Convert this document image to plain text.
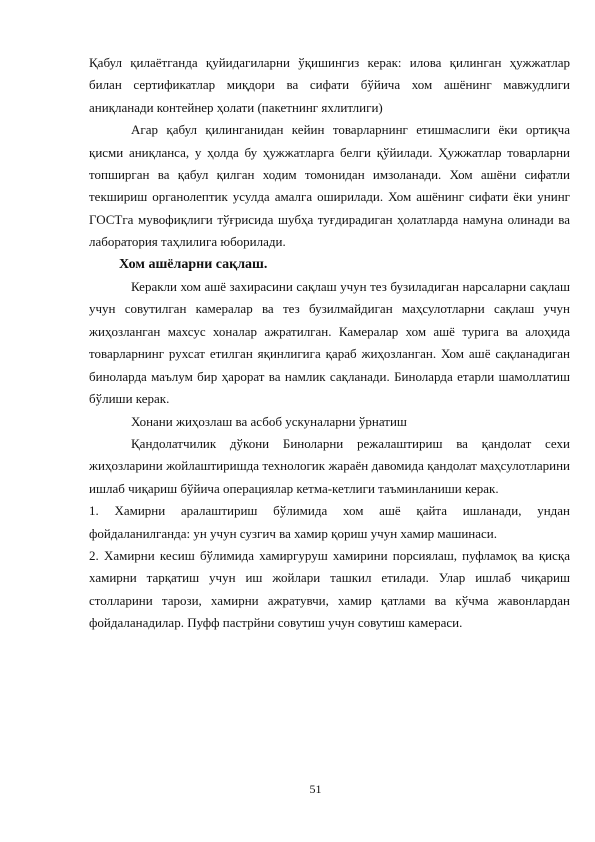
Қабул қилаётганда қуйидагиларни ўқишингиз керак: илова қилинган ҳужжатлар билан сертификатлар миқдори ва сифати бўйича хом ашёнинг мавжудлиги аниқланади контейнер ҳолати (пакетнинг яхлитлиги)

Агар қабул қилинганидан кейин товарларнинг етишмаслиги ёки ортиқча қисми аниқланса, у ҳолда бу ҳужжатларга белги қўйилади. Ҳужжатлар товарларни топширган ва қабул қилган ходим томонидан имзоланади. Хом ашёни сифатли текшириш органолептик усулда амалга оширилади. Хом ашёнинг сифати ёки унинг ГОСТга мувофиқлиги тўғрисида шубҳа туғдирадиган ҳолатларда намуна олинади ва лаборатория таҳлилига юборилади.

Хом ашёларни сақлаш.

Кеpакли хом ашё захирасини сақлаш учун тез бузиладиган нарсаларни сақлаш учун совутилган камералар ва тез бузилмайдиган маҳсулотларни сақлаш учун жиҳозланган махсус хоналар ажратилган. Камералар хом ашё турига ва алоҳида товарларнинг рухсат етилган яқинлигига қараб жиҳозланган. Хом ашё сақланадиган биноларда маълум бир ҳарорат ва намлик сақланади. Биноларда етарли шамоллатиш бўлиши керак.

Хонани жиҳозлаш ва асбоб ускуналарни ўрнатиш

Қандолатчилик дўкони Биноларни режалаштириш ва қандолат сехи жиҳозларини жойлаштиришда технологик жараён давомида қандолат маҳсулотларини ишлаб чиқариш бўйича операциялар кетма-кетлиги таъминланиши керак.

1. Хамирни аралаштириш бўлимида хом ашё қайта ишланади, ундан фойдаланилганда: ун учун сузгич ва хамир қориш учун хамир машинаси.

2. Хамирни кесиш бўлимида хамиргуруш хамирини порсиялаш, пуфламоқ ва қисқа хамирни тарқатиш учун иш жойлари ташкил етилади. Улар ишлаб чиқариш столларини тарози, хамирни ажратувчи, хамир қатлами ва кўчма жавонлардан фойдаланадилар. Пуфф пастрйни совутиш учун совутиш камераси.

51
